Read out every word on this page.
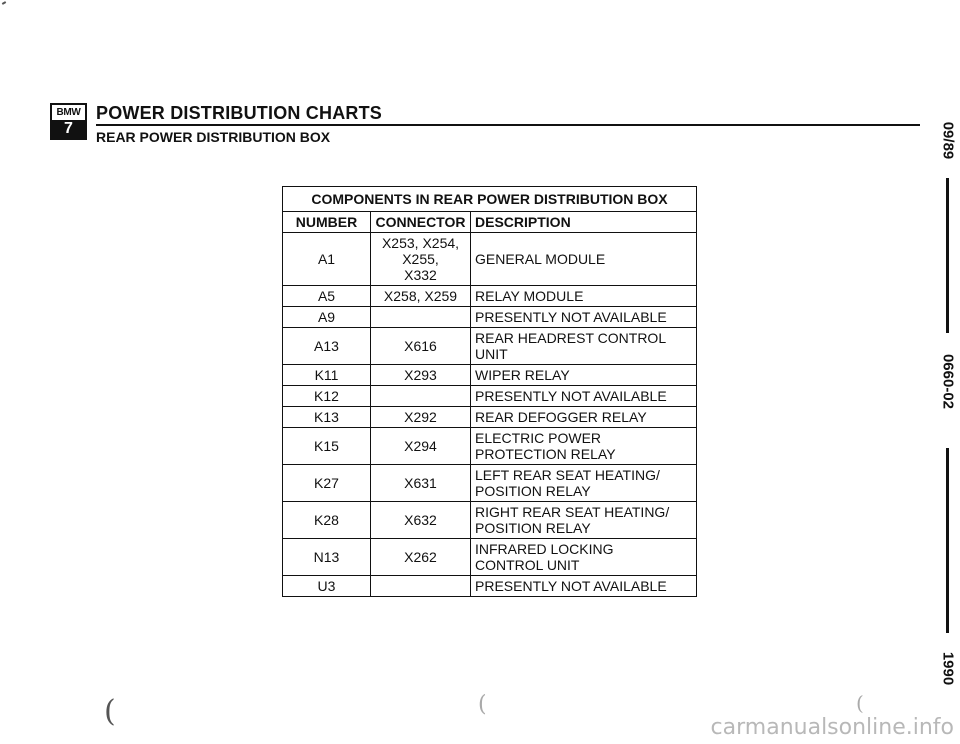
BMW
7
POWER DISTRIBUTION CHARTS
REAR POWER DISTRIBUTION BOX	09/89
0660-02
1990
COMPONENTS IN REAR POWER DISTRIBUTION BOX		
NUMBER	CONNECTOR	DESCRIPTION
A1	X253, X254,
X255,
X332	GENERAL MODULE

A5	X258, X259	RELAY MODULE

A9		PRESENTLY NOT AVAILABLE

A13	X616	REAR HEADREST CONTROL
UNIT

K11	X293	WIPER RELAY

K12		PRESENTLY NOT AVAILABLE

K13	X292	REAR DEFOGGER RELAY

K15	X294	ELECTRIC POWER
PROTECTION RELAY

K27	X631	LEFT REAR SEAT HEATING/
POSITION RELAY

K28	X632	RIGHT REAR SEAT HEATING/
POSITION RELAY

N13	X262	INFRARED LOCKING
CONTROL UNIT

U3		PRESENTLY NOT AVAILABLE
(	(	(
carmanualsonline.info
